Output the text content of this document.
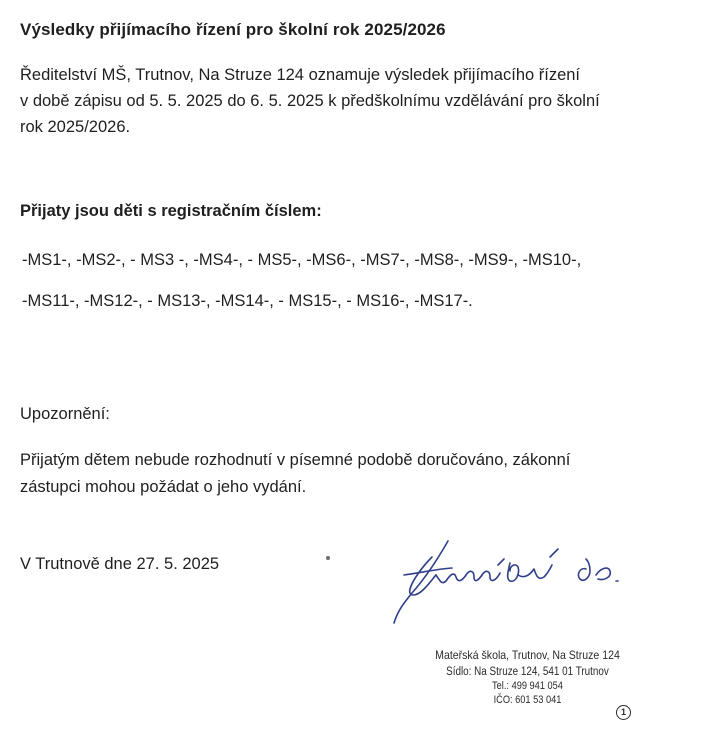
Výsledky přijímacího řízení pro školní rok 2025/2026
Ředitelství MŠ, Trutnov, Na Struze 124 oznamuje výsledek přijímacího řízení
v době zápisu od 5. 5. 2025 do 6. 5. 2025 k předškolnímu vzdělávání pro školní
rok 2025/2026.
Přijaty jsou děti s registračním číslem:
-MS1-, -MS2-, - MS3 -, -MS4-, - MS5-, -MS6-, -MS7-, -MS8-, -MS9-, -MS10-,
-MS11-, -MS12-, - MS13-, -MS14-, - MS15-, - MS16-, -MS17-.
Upozornění:
Přijatým dětem nebude rozhodnutí v písemné podobě doručováno, zákonní
zástupci mohou požádat o jeho vydání.
V Trutnově dne 27. 5. 2025
Mateřská škola, Trutnov, Na Struze 124
Sídlo: Na Struze 124, 541 01 Trutnov
Tel.: 499 941 054
IČO: 601 53 041
1
